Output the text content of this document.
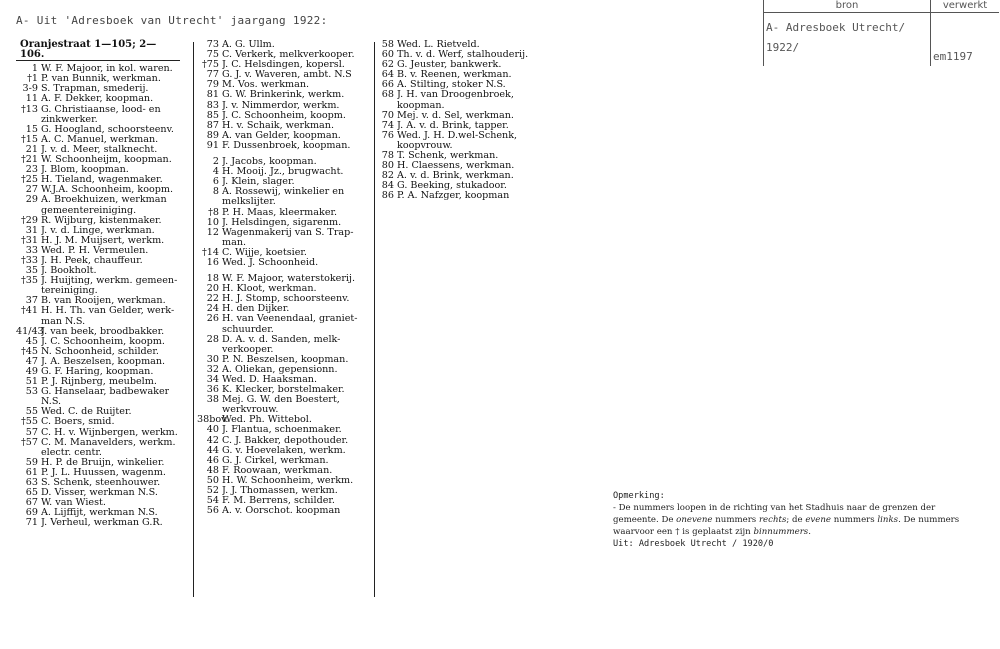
A- Uit 'Adresboek van Utrecht' jaargang 1922:
bron	verwerkt
A- Adresboek Utrecht/ 1922/
em1197
Oranjestraat 1—105; 2—106.
1 W. F. Majoor, in kol. waren.
†1 P. van Bunnik, werkman.
3-9 S. Trapman, smederij.
11 A. F. Dekker, koopman.
†13 G. Christiaanse, lood- en
zinkwerker.
15 G. Hoogland, schoorsteenv.
†15 A. C. Manuel, werkman.
21 J. v. d. Meer, stalknecht.
†21 W. Schoonheijm, koopman.
23 J. Blom, koopman.
†25 H. Tieland, wagenmaker.
27 W.J.A. Schoonheim, koopm.
29 A. Broekhuizen, werkman
gemeentereiniging.
†29 R. Wijburg, kistenmaker.
31 J. v. d. Linge, werkman.
†31 H. J. M. Muijsert, werkm.
33 Wed. P. H. Vermeulen.
†33 J. H. Peek, chauffeur.
35 J. Bookholt.
†35 J. Huijting, werkm. gemeen-
tereiniging.
37 B. van Rooijen, werkman.
†41 H. H. Th. van Gelder, werk-
man N.S.
41/43
J. van beek, broodbakker.
45 J. C. Schoonheim, koopm.
†45 N. Schoonheid, schilder.
47 J. A. Beszelsen, koopman.
49 G. F. Haring, koopman.
51 P. J. Rijnberg, meubelm.
53 G. Hanselaar, badbewaker
N.S.
55 Wed. C. de Ruijter.
†55 C. Boers, smid.
57 C. H. v. Wijnbergen, werkm.
†57 C. M. Manavelders, werkm.
electr. centr.
59 H. P. de Bruijn, winkelier.
61 P. J. L. Huussen, wagenm.
63 S. Schenk, steenhouwer.
65 D. Visser, werkman N.S.
67 W. van Wiest.
69 A. Lijffijt, werkman N.S.
71 J. Verheul, werkman G.R.
73 A. G. Ullm.
75 C. Verkerk, melkverkooper.
†75 J. C. Helsdingen, kopersl.
77 G. J. v. Waveren, ambt. N.S
79 M. Vos. werkman.
81 G. W. Brinkerink, werkm.
83 J. v. Nimmerdor, werkm.
85 J. C. Schoonheim, koopm.
87 H. v. Schaik, werkman.
89 A. van Gelder, koopman.
91 F. Dussenbroek, koopman.
2 J. Jacobs, koopman.
4 H. Mooij. Jz., brugwacht.
6 J. Klein, slager.
8 A. Rossewij, winkelier en
melkslijter.
†8 P. H. Maas, kleermaker.
10 J. Helsdingen, sigarenm.
12 Wagenmakerij van S. Trap-
man.
†14 C. Wijje, koetsier.
16 Wed. J. Schoonheid.
18 W. F. Majoor, waterstokerij.
20 H. Kloot, werkman.
22 H. J. Stomp, schoorsteenv.
24 H. den Dijker.
26 H. van Veenendaal, graniet-
schuurder.
28 D. A. v. d. Sanden, melk-
verkooper.
30 P. N. Beszelsen, koopman.
32 A. Oliekan, gepensionn.
34 Wed. D. Haaksman.
36 K. Klecker, borstelmaker.
38 Mej. G. W. den Boestert,
werkvrouw.
38bov.
Wed. Ph. Wittebol.
40 J. Flantua, schoenmaker.
42 C. J. Bakker, depothouder.
44 G. v. Hoevelaken, werkm.
46 G. J. Cirkel, werkman.
48 F. Roowaan, werkman.
50 H. W. Schoonheim, werkm.
52 J. J. Thomassen, werkm.
54 F. M. Berrens, schilder.
56 A. v. Oorschot. koopman
58 Wed. L. Rietveld.
60 Th. v. d. Werf, stalhouderij.
62 G. Jeuster, bankwerk.
64 B. v. Reenen, werkman.
66 A. Stilting, stoker N.S.
68 J. H. van Droogenbroek,
koopman.
70 Mej. v. d. Sel, werkman.
74 J. A. v. d. Brink, tapper.
76 Wed. J. H. D.wel-Schenk,
koopvrouw.
78 T. Schenk, werkman.
80 H. Claessens, werkman.
82 A. v. d. Brink, werkman.
84 G. Beeking, stukadoor.
86 P. A. Nafzger, koopman
Opmerking:
- De nummers loopen in de richting van het Stadhuis naar de grenzen der
gemeente. De onevene nummers rechts; de evene nummers links. De nummers
waarvoor een † is geplaatst zijn binnummers.
Uit: Adresboek Utrecht / 1920/0
